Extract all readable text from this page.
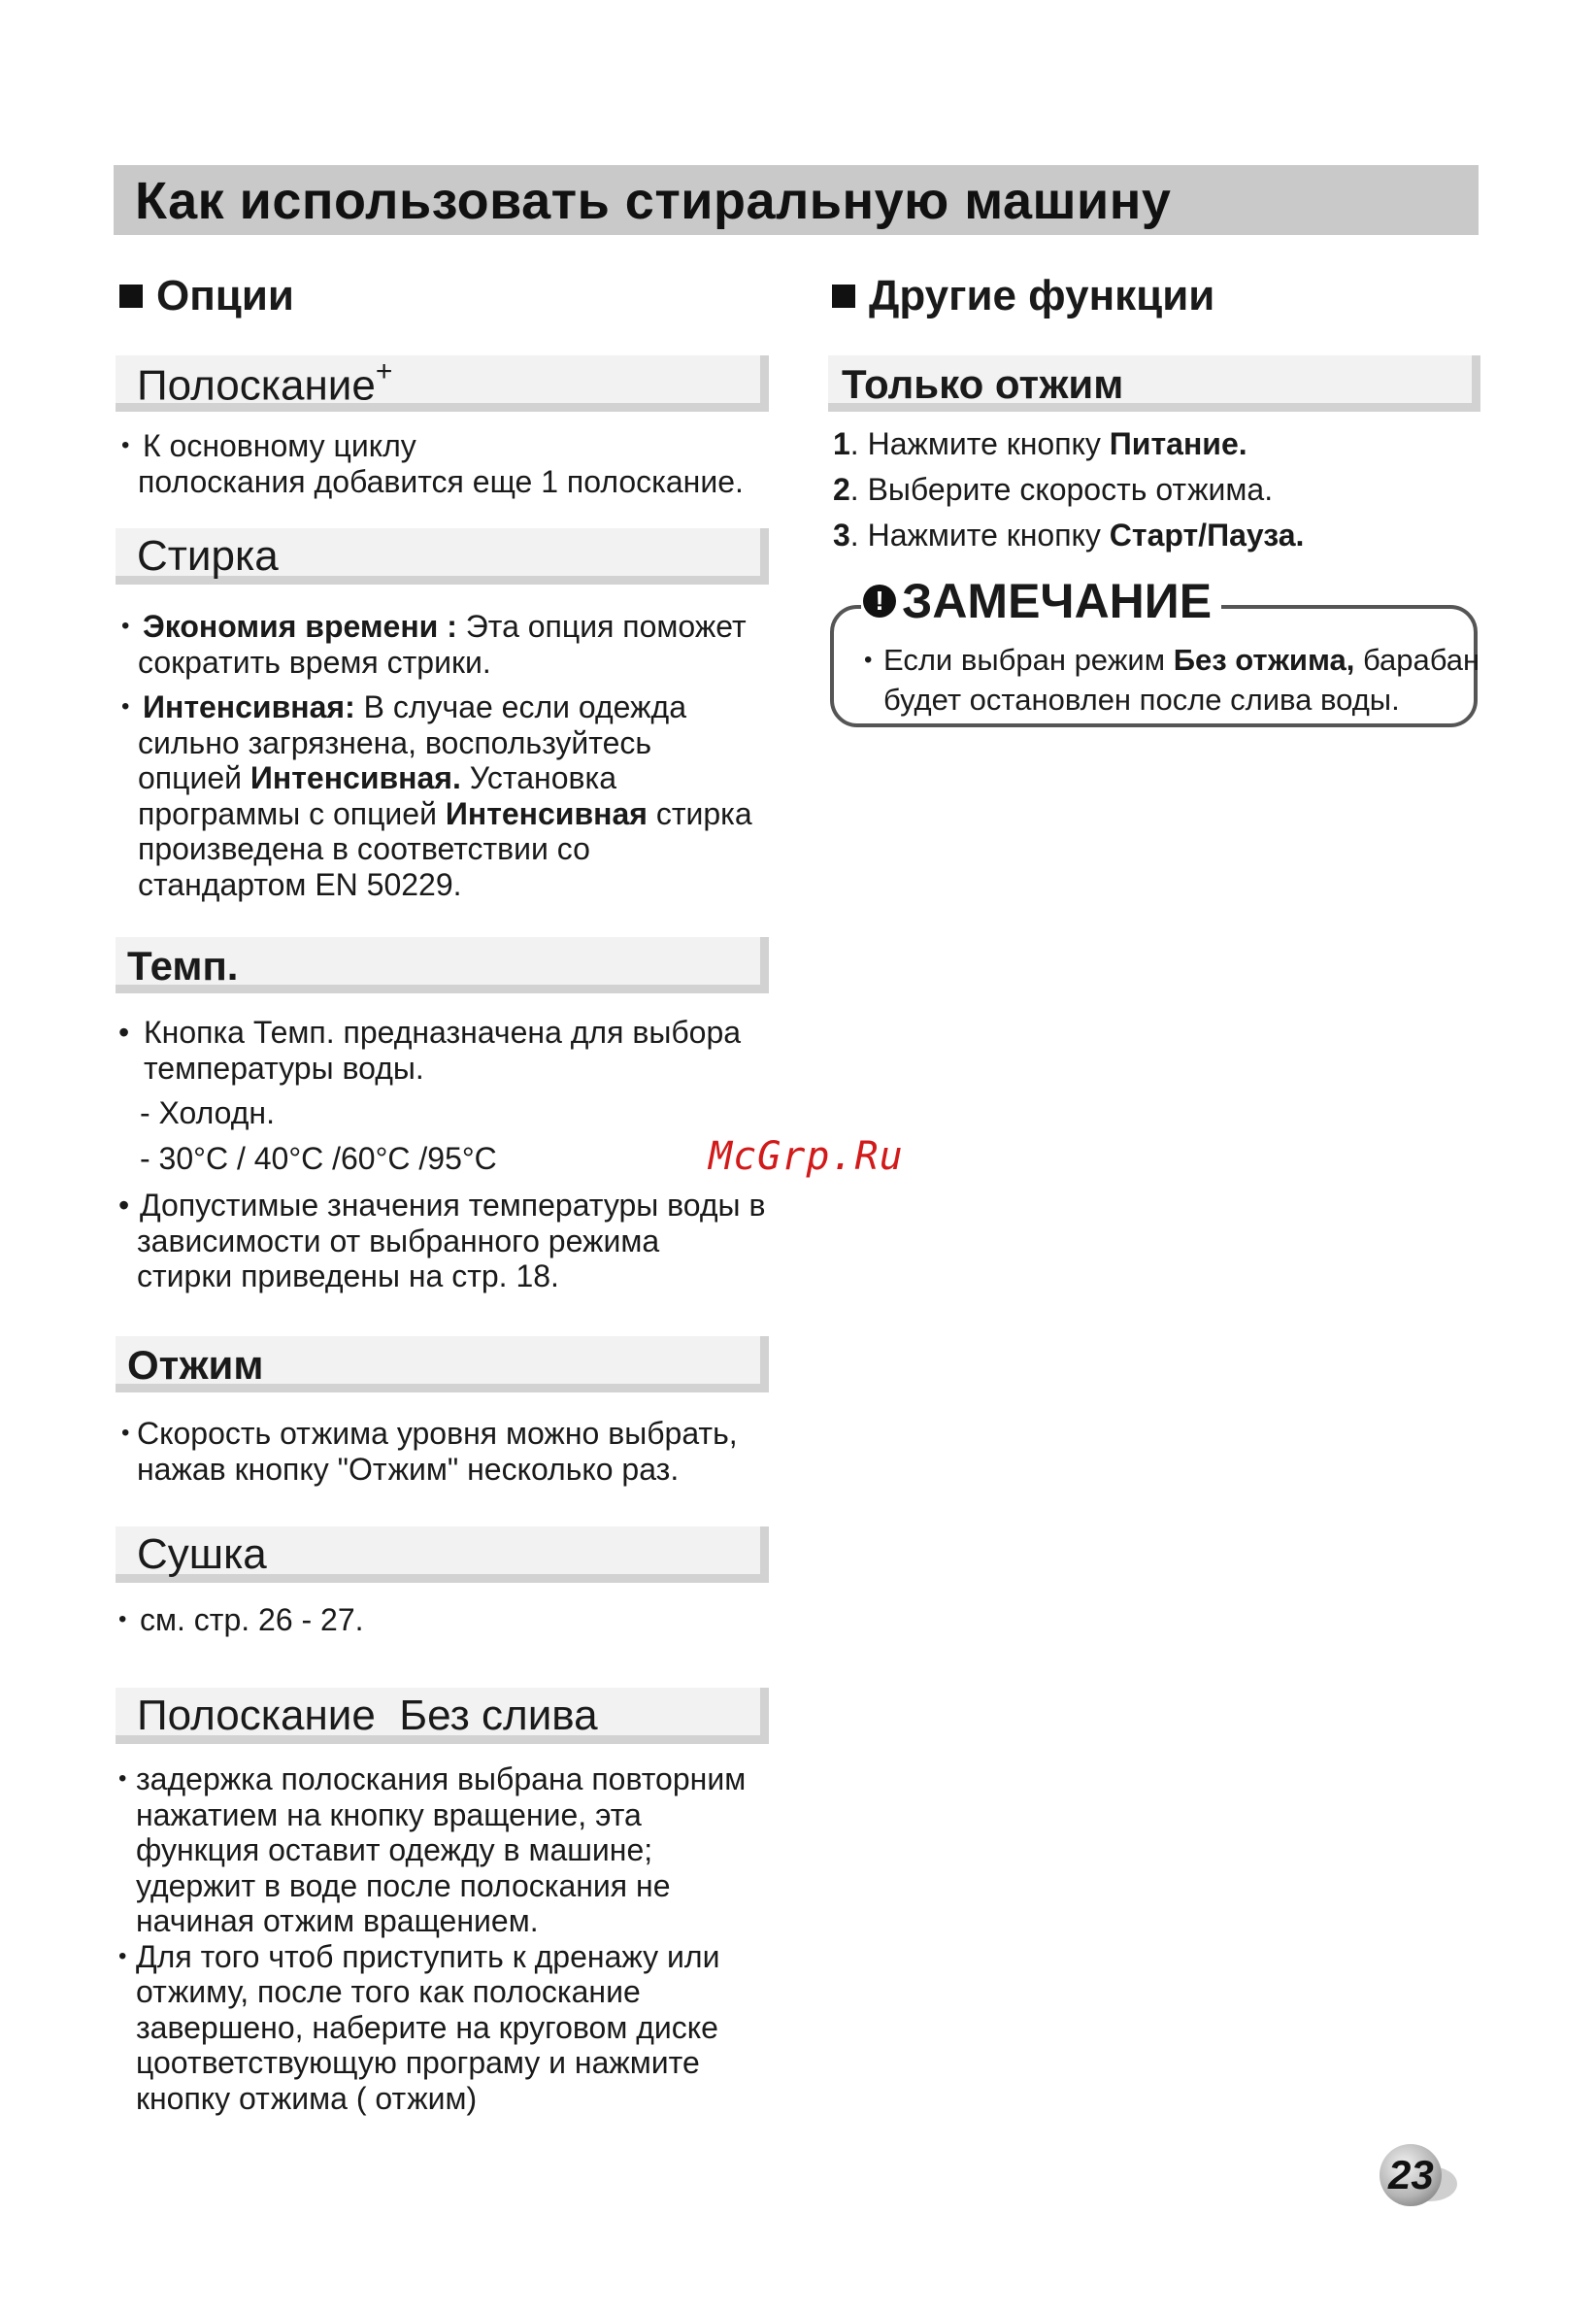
Как использовать стиральную машину
Опции
Полоскание+

• К основному циклу

полоскания добавится еще 1 полоскание.

Стирка

• Экономия времени : Эта опция поможет

сократить время стрики.

• Интенсивная: В случае если одежда

сильно загрязнена, воспользуйтесь

опцией Интенсивная. Установка

программы с опцией Интенсивная стирка

произведена в соответствии со

стандартом EN 50229.

Темп.

• Кнопка Темп. предназначена для выбора

температуры воды.

- Холодн.

- 30°C / 40°C /60°C /95°C

• Допустимые значения температуры воды в

зависимости от выбранного режима

стирки приведены на стр. 18.

Отжим

• Скорость отжима уровня можно выбрать,

нажав кнопку "Отжим" несколько раз.

Сушка

• см. стр. 26 - 27.

Полоскание  Без слива

• задержка полоскания выбрана повторним

нажатием на кнопку вращение, эта

функция оставит одежду в машине;

удержит в воде после полоскания не

начиная отжим вращением.

• Для того чтоб приступить к дренажу или

отжиму, после того как полоскание

завершено, наберите на круговом диске

цоответствующую програму и нажмите

кнопку отжима ( отжим)

Другие функции
Только отжим

1. Нажмите кнопку Питание.

2. Выберите скорость отжима.

3. Нажмите кнопку Старт/Пауза.

! ЗАМЕЧАНИЕ

• Если выбран режим Без отжима, барабан

будет остановлен после слива воды.

McGrp.Ru
23
